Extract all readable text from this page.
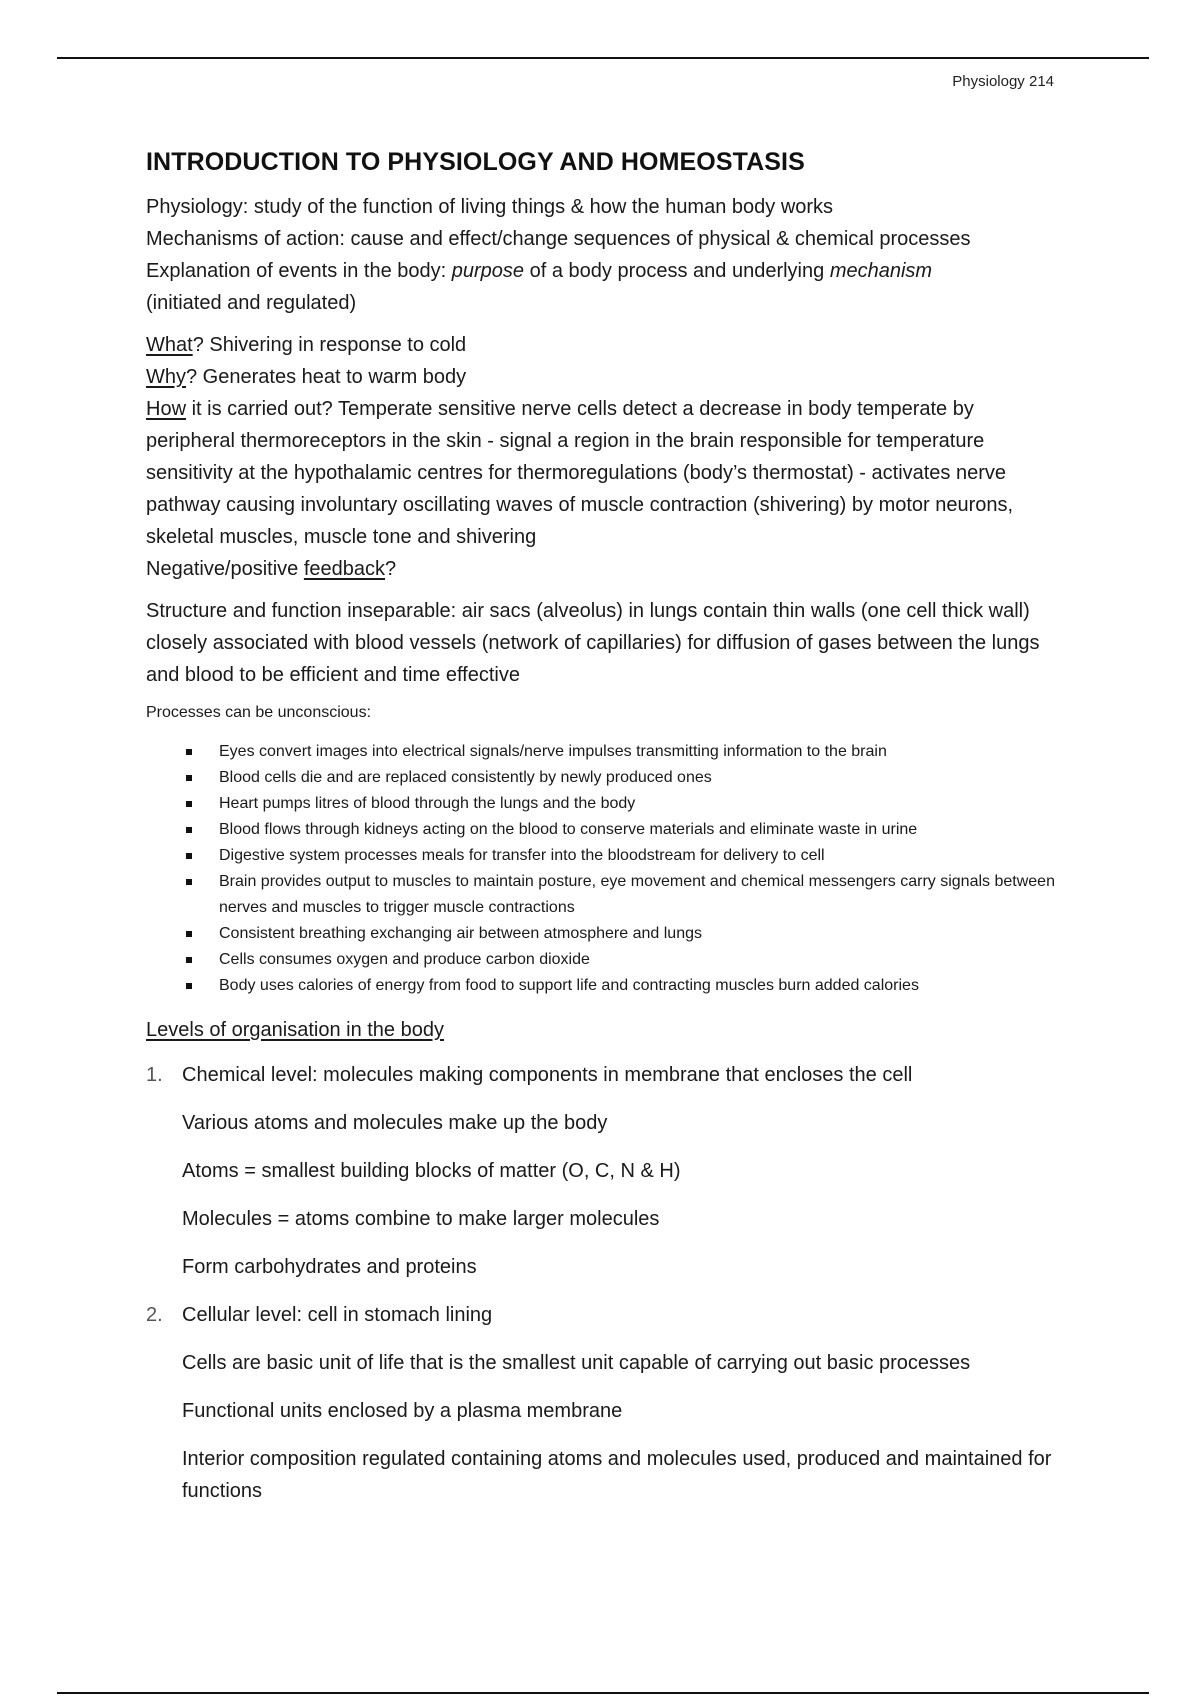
Physiology 214
INTRODUCTION TO PHYSIOLOGY AND HOMEOSTASIS

Physiology: study of the function of living things & how the human body works

Mechanisms of action: cause and effect/change sequences of physical & chemical processes

Explanation of events in the body: purpose of a body process and underlying mechanism

(initiated and regulated)

What? Shivering in response to cold

Why? Generates heat to warm body

How it is carried out? Temperate sensitive nerve cells detect a decrease in body temperate by peripheral thermoreceptors in the skin - signal a region in the brain responsible for temperature sensitivity at the hypothalamic centres for thermoregulations (body’s thermostat) - activates nerve pathway causing involuntary oscillating waves of muscle contraction (shivering) by motor neurons, skeletal muscles, muscle tone and shivering

Negative/positive feedback?

Structure and function inseparable: air sacs (alveolus) in lungs contain thin walls (one cell thick wall) closely associated with blood vessels (network of capillaries) for diffusion of gases between the lungs and blood to be efficient and time effective

Processes can be unconscious:

Eyes convert images into electrical signals/nerve impulses transmitting information to the brain
Blood cells die and are replaced consistently by newly produced ones
Heart pumps litres of blood through the lungs and the body
Blood flows through kidneys acting on the blood to conserve materials and eliminate waste in urine
Digestive system processes meals for transfer into the bloodstream for delivery to cell
Brain provides output to muscles to maintain posture, eye movement and chemical messengers carry signals between nerves and muscles to trigger muscle contractions
Consistent breathing exchanging air between atmosphere and lungs
Cells consumes oxygen and produce carbon dioxide
Body uses calories of energy from food to support life and contracting muscles burn added calories

Levels of organisation in the body

1. Chemical level: molecules making components in membrane that encloses the cell

Various atoms and molecules make up the body

Atoms = smallest building blocks of matter (O, C, N & H)

Molecules = atoms combine to make larger molecules

Form carbohydrates and proteins

2. Cellular level: cell in stomach lining

Cells are basic unit of life that is the smallest unit capable of carrying out basic processes

Functional units enclosed by a plasma membrane

Interior composition regulated containing atoms and molecules used, produced and maintained for functions
